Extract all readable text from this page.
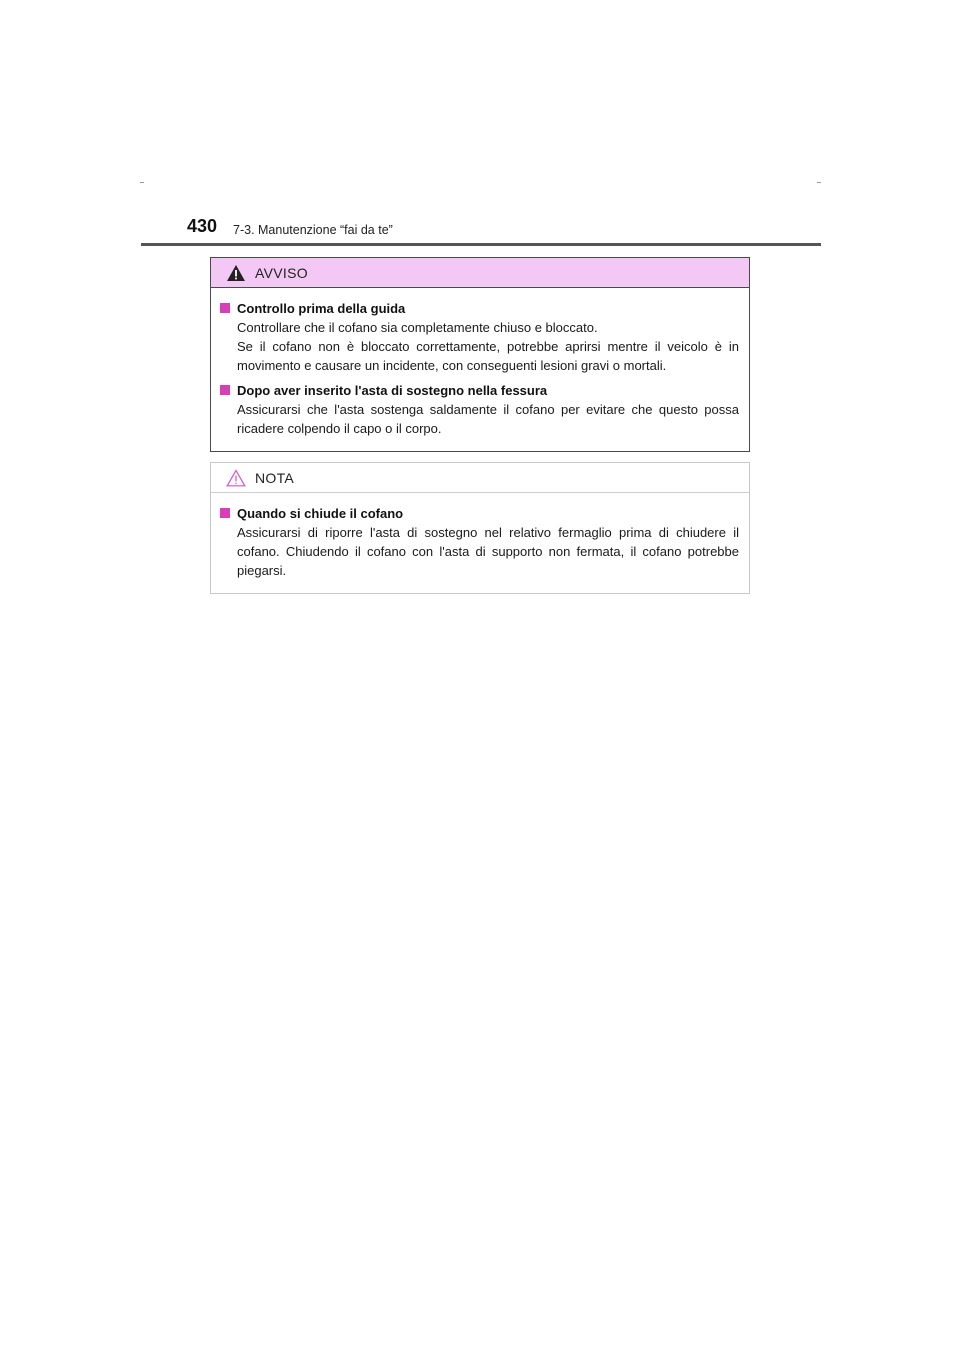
430 7-3. Manutenzione “fai da te”
AVVISO
Controllo prima della guida
Controllare che il cofano sia completamente chiuso e bloccato.
Se il cofano non è bloccato correttamente, potrebbe aprirsi mentre il veicolo è in movimento e causare un incidente, con conseguenti lesioni gravi o mortali.
Dopo aver inserito l'asta di sostegno nella fessura
Assicurarsi che l'asta sostenga saldamente il cofano per evitare che questo possa ricadere colpendo il capo o il corpo.
NOTA
Quando si chiude il cofano
Assicurarsi di riporre l'asta di sostegno nel relativo fermaglio prima di chiudere il cofano. Chiudendo il cofano con l'asta di supporto non fermata, il cofano potrebbe piegarsi.
